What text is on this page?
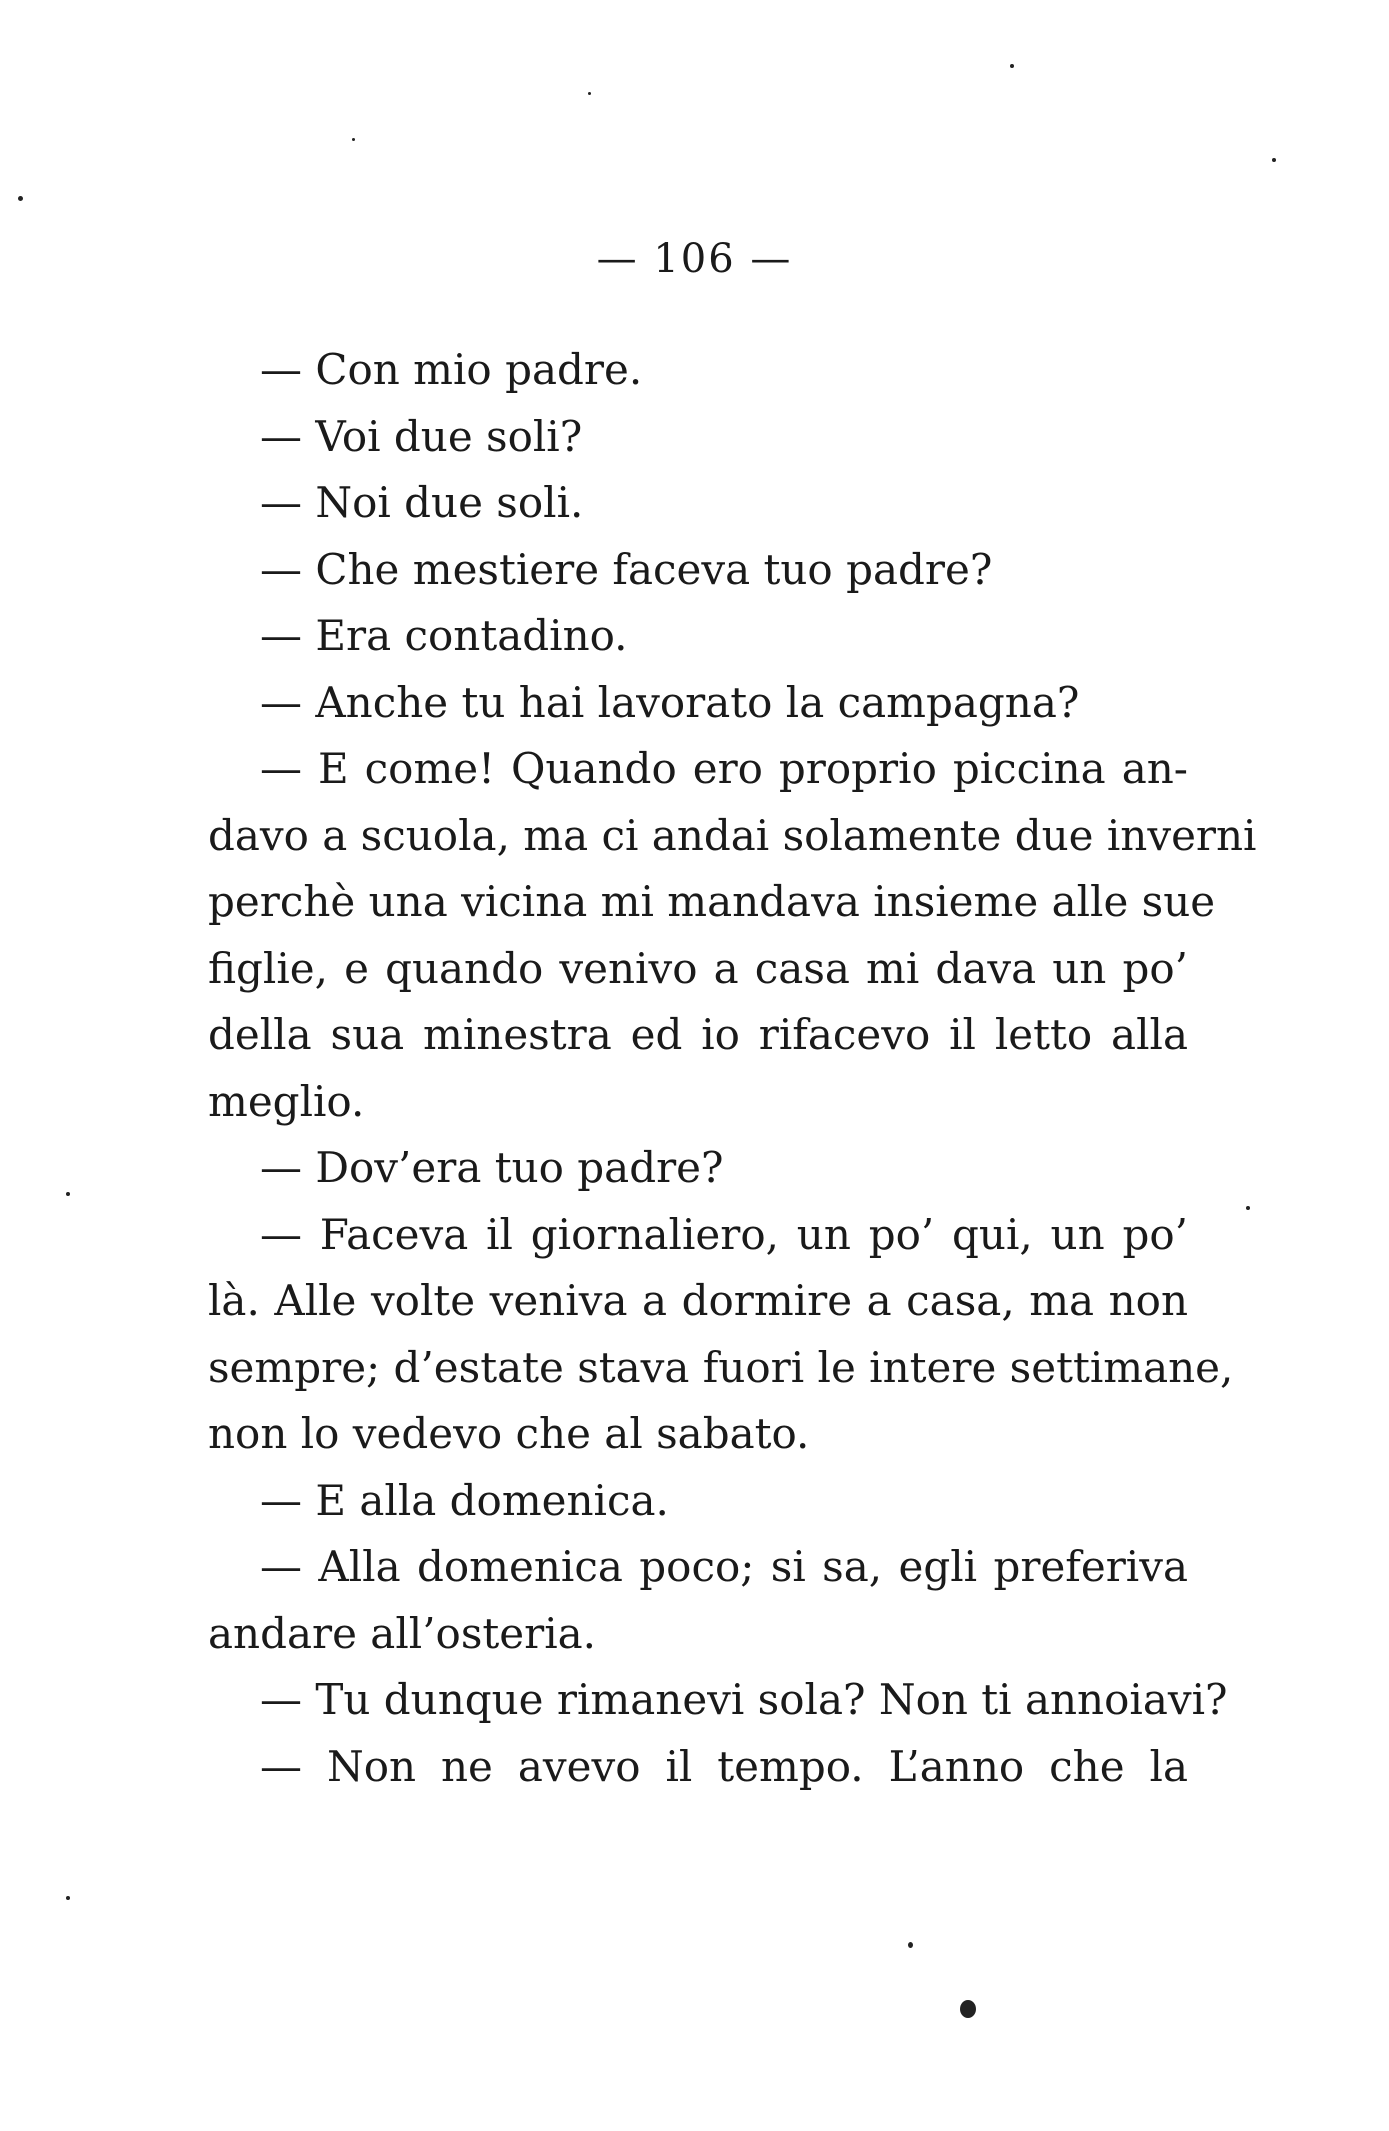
— 106 —
— Con mio padre.
— Voi due soli?
— Noi due soli.
— Che mestiere faceva tuo padre?
— Era contadino.
— Anche tu hai lavorato la campagna?
— E come! Quando ero proprio piccina an-
davo a scuola, ma ci andai solamente due inverni
perchè una vicina mi mandava insieme alle sue
figlie, e quando venivo a casa mi dava un po’
della sua minestra ed io rifacevo il letto alla
meglio.
— Dov’era tuo padre?
— Faceva il giornaliero, un po’ qui, un po’
là. Alle volte veniva a dormire a casa, ma non
sempre; d’estate stava fuori le intere settimane,
non lo vedevo che al sabato.
— E alla domenica.
— Alla domenica poco; si sa, egli preferiva
andare all’osteria.
— Tu dunque rimanevi sola? Non ti annoiavi?
— Non ne avevo il tempo. L’anno che la
